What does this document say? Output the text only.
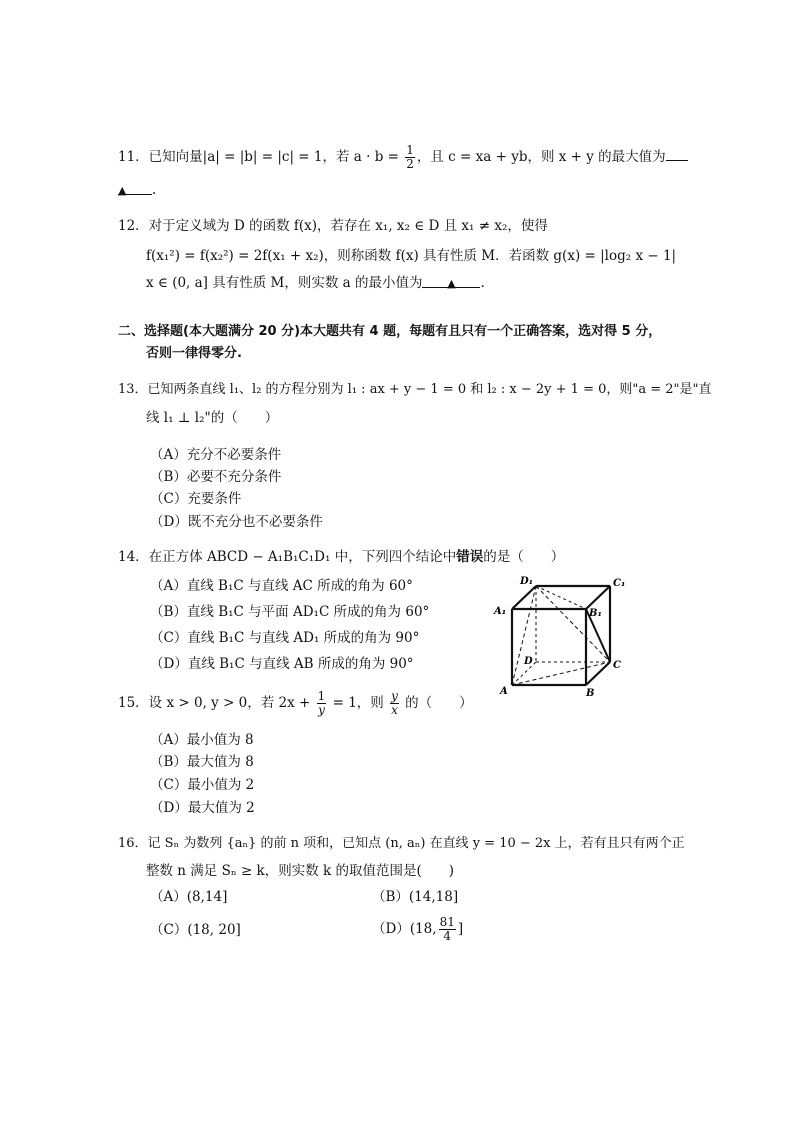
11．已知向量|a| = |b| = |c| = 1，若 $a \cdot b = \frac{1}{2}$ ，且 c = xa + yb，则 x + y 的最大值为
▲ .
12．对于定义域为 D 的函数 f(x)，若存在 x₁, x₂ ∈ D 且 x₁ ≠ x₂，使得
f(x₁²) = f(x₂²) = 2f(x₁ + x₂)，则称函数 f(x) 具有性质 M．若函数 g(x) = |log₂ x − 1|
x ∈ (0, a] 具有性质 M，则实数 a 的最小值为 ▲ .
二、选择题(本大题满分 20 分)本大题共有 4 题，每题有且只有一个正确答案，选对得 5 分，
否则一律得零分.
13．已知两条直线 l₁、l₂ 的方程分别为 l₁ : ax + y − 1 = 0 和 l₂ : x − 2y + 1 = 0，则"a = 2"是"直
线 l₁ ⊥ l₂"的（　　）
（A）充分不必要条件
（B）必要不充分条件
（C）充要条件
（D）既不充分也不必要条件
14．在正方体 ABCD − A₁B₁C₁D₁ 中，下列四个结论中错误的是（　　）
（A）直线 B₁C 与直线 AC 所成的角为 60°
（B）直线 B₁C 与平面 AD₁C 所成的角为 60°
（C）直线 B₁C 与直线 AD₁ 所成的角为 90°
（D）直线 B₁C 与直线 AB 所成的角为 90°
D₁	C₁
A₁	B₁
D	C
A	B
15．设 x > 0, y > 0，若 $2x + \frac{1}{y} = 1$，则 $\frac{y}{x}$ 的（　　）
（A）最小值为 8
（B）最大值为 8
（C）最小值为 2
（D）最大值为 2
16．记 Sₙ 为数列 {aₙ} 的前 n 项和，已知点 (n, aₙ) 在直线 y = 10 − 2x 上，若有且只有两个正
整数 n 满足 Sₙ ≥ k，则实数 k 的取值范围是(　　)
（A）(8,14]	（B）(14,18]
（C）(18, 20]	（D）(18, $\frac{81}{4}$ ]
